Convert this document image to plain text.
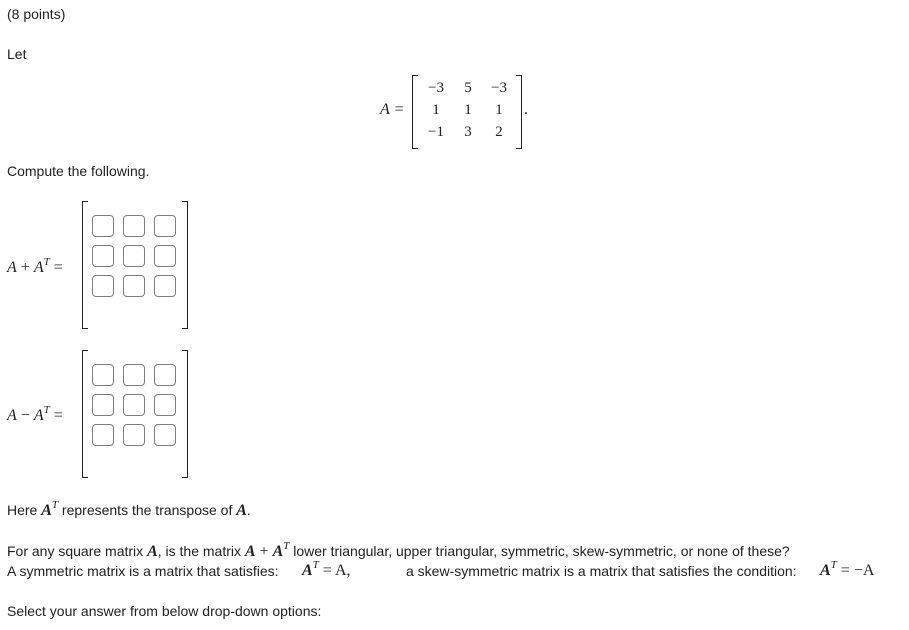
(8 points)
Let
A =
−3	5	−3
1	1	1
−1	3	2
.
Compute the following.
$A + A^T$ =
$A - A^T$ =
Here $A^T$ represents the transpose of A.
For any square matrix A, is the matrix $A + A^T$ lower triangular, upper triangular, symmetric, skew-symmetric, or none of these?
A symmetric matrix is a matrix that satisfies: $A^T = A$,	a skew-symmetric matrix is a matrix that satisfies the condition: $A^T = -A$
Select your answer from below drop-down options:
